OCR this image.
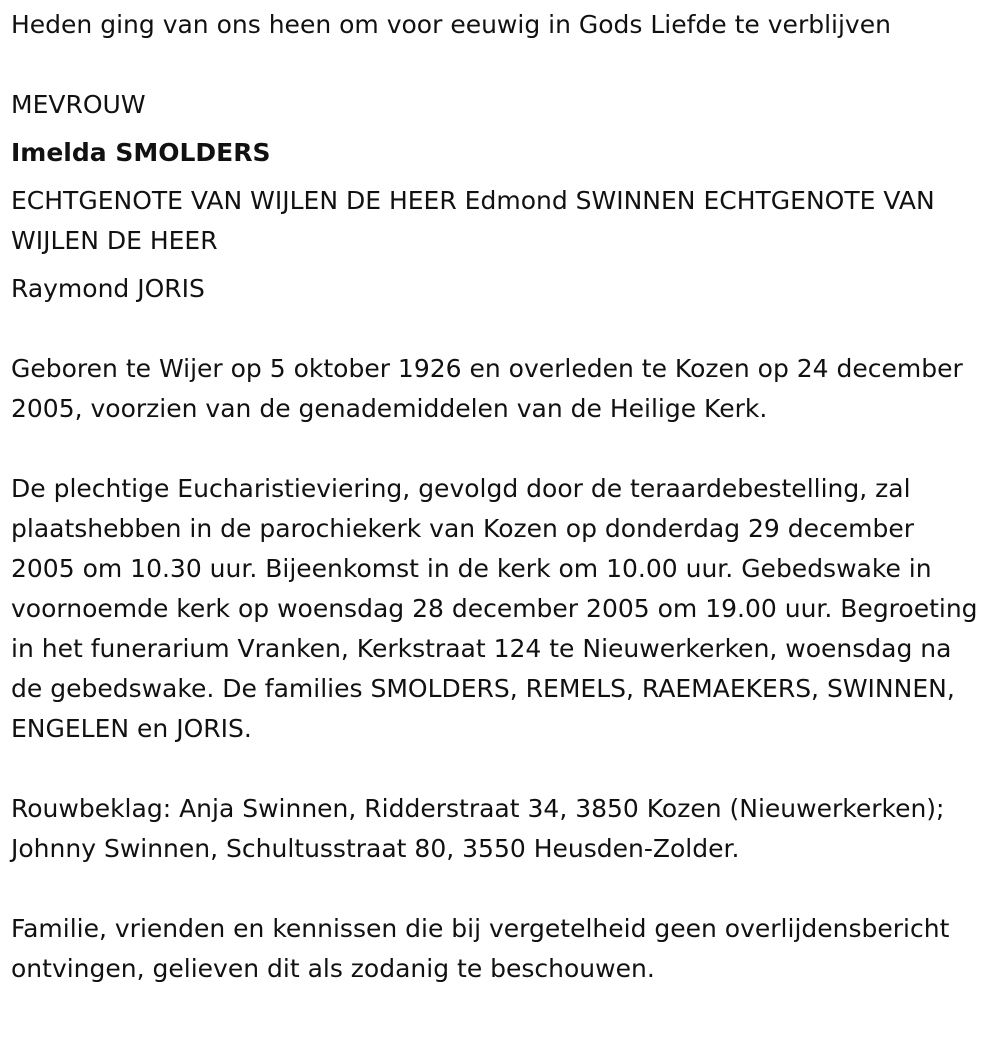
Heden ging van ons heen om voor eeuwig in Gods Liefde te verblijven

MEVROUW

Imelda SMOLDERS

ECHTGENOTE VAN WIJLEN DE HEER Edmond SWINNEN ECHTGENOTE VAN WIJLEN DE HEER

Raymond JORIS

Geboren te Wijer op 5 oktober 1926 en overleden te Kozen op 24 december 2005, voorzien van de genademiddelen van de Heilige Kerk.

De plechtige Eucharistieviering, gevolgd door de teraardebestelling, zal plaatshebben in de parochiekerk van Kozen op donderdag 29 december 2005 om 10.30 uur. Bijeenkomst in de kerk om 10.00 uur. Gebedswake in voornoemde kerk op woensdag 28 december 2005 om 19.00 uur. Begroeting in het funerarium Vranken, Kerkstraat 124 te Nieuwerkerken, woensdag na de gebedswake. De families SMOLDERS, REMELS, RAEMAEKERS, SWINNEN, ENGELEN en JORIS.

Rouwbeklag: Anja Swinnen, Ridderstraat 34, 3850 Kozen (Nieuwerkerken); Johnny Swinnen, Schultusstraat 80, 3550 Heusden-Zolder.

Familie, vrienden en kennissen die bij vergetelheid geen overlijdensbericht ontvingen, gelieven dit als zodanig te beschouwen.
